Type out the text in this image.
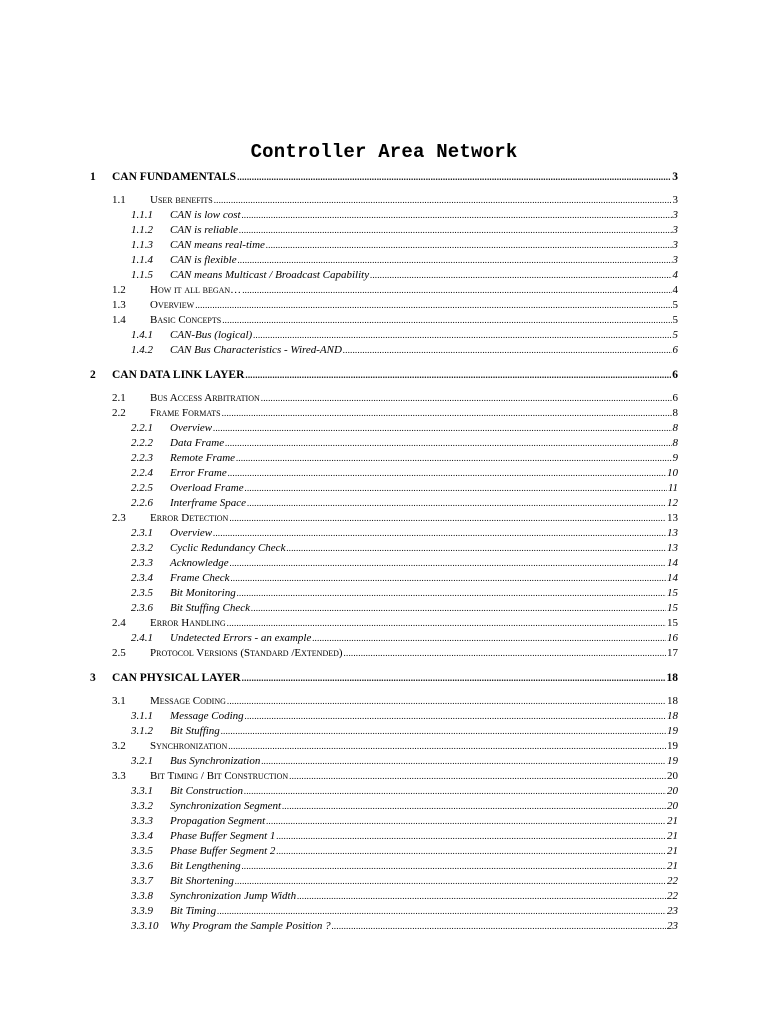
Controller Area Network
1 CAN FUNDAMENTALS .....	3
1.1 User benefits .....	3
1.1.1 CAN is low cost .....	3
1.1.2 CAN is reliable .....	3
1.1.3 CAN means real-time .....	3
1.1.4 CAN is flexible .....	3
1.1.5 CAN means Multicast / Broadcast Capability .....	4
1.2 How it all began… .....	4
1.3 Overview .....	5
1.4 Basic Concepts .....	5
1.4.1 CAN-Bus (logical) .....	5
1.4.2 CAN Bus Characteristics - Wired-AND .....	6
2 CAN DATA LINK LAYER .....	6
2.1 Bus Access Arbitration .....	6
2.2 Frame Formats .....	8
2.2.1 Overview .....	8
2.2.2 Data Frame .....	8
2.2.3 Remote Frame .....	9
2.2.4 Error Frame .....	10
2.2.5 Overload Frame .....	11
2.2.6 Interframe Space .....	12
2.3 Error Detection .....	13
2.3.1 Overview .....	13
2.3.2 Cyclic Redundancy Check .....	13
2.3.3 Acknowledge .....	14
2.3.4 Frame Check .....	14
2.3.5 Bit Monitoring .....	15
2.3.6 Bit Stuffing Check .....	15
2.4 Error Handling .....	15
2.4.1 Undetected Errors - an example .....	16
2.5 Protocol Versions (Standard /Extended) .....	17
3 CAN PHYSICAL LAYER .....	18
3.1 Message Coding .....	18
3.1.1 Message Coding .....	18
3.1.2 Bit Stuffing .....	19
3.2 Synchronization .....	19
3.2.1 Bus Synchronization .....	19
3.3 Bit Timing / Bit Construction .....	20
3.3.1 Bit Construction .....	20
3.3.2 Synchronization Segment .....	20
3.3.3 Propagation Segment .....	21
3.3.4 Phase Buffer Segment 1 .....	21
3.3.5 Phase Buffer Segment 2 .....	21
3.3.6 Bit Lengthening .....	21
3.3.7 Bit Shortening .....	22
3.3.8 Synchronization Jump Width .....	22
3.3.9 Bit Timing .....	23
3.3.10 Why Program the Sample Position ? .....	23
